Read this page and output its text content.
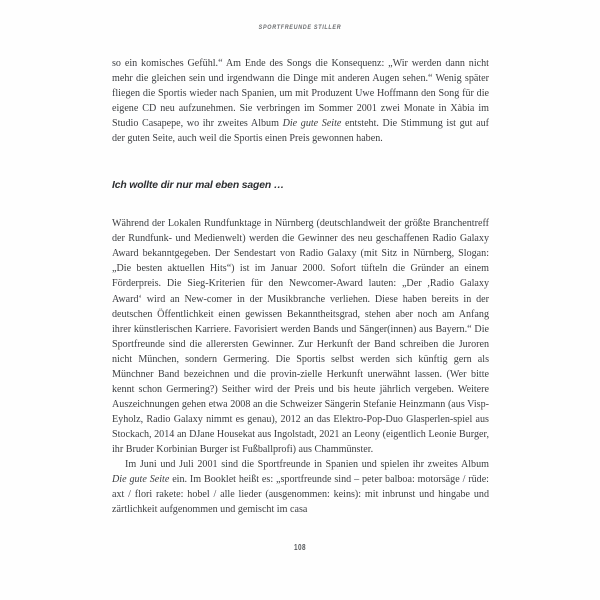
SPORTFREUNDE STILLER

so ein komisches Gefühl.“ Am Ende des Songs die Konsequenz: „Wir werden dann nicht mehr die gleichen sein und irgendwann die Dinge mit anderen Augen sehen.“ Wenig später fliegen die Sportis wieder nach Spanien, um mit Produzent Uwe Hoffmann den Song für die eigene CD neu aufzunehmen. Sie verbringen im Sommer 2001 zwei Monate in Xàbia im Studio Casapepe, wo ihr zweites Album Die gute Seite entsteht. Die Stimmung ist gut auf der guten Seite, auch weil die Sportis einen Preis gewonnen haben.

Ich wollte dir nur mal eben sagen …

Während der Lokalen Rundfunktage in Nürnberg (deutschlandweit der größte Branchentreff der Rundfunk- und Medienwelt) werden die Gewinner des neu geschaffenen Radio Galaxy Award bekanntgegeben. Der Sendestart von Radio Galaxy (mit Sitz in Nürnberg, Slogan: „Die besten aktuellen Hits“) ist im Januar 2000. Sofort tüfteln die Gründer an einem Förderpreis. Die Sieg-Kriterien für den Newcomer-Award lauten: „Der ,Radio Galaxy Award‘ wird an New-comer in der Musikbranche verliehen. Diese haben bereits in der deutschen Öffentlichkeit einen gewissen Bekanntheitsgrad, stehen aber noch am Anfang ihrer künstlerischen Karriere. Favorisiert werden Bands und Sänger(innen) aus Bayern.“ Die Sportfreunde sind die allerersten Gewinner. Zur Herkunft der Band schreiben die Juroren nicht München, sondern Germering. Die Sportis selbst werden sich künftig gern als Münchner Band bezeichnen und die provin-zielle Herkunft unerwähnt lassen. (Wer bitte kennt schon Germering?) Seither wird der Preis und bis heute jährlich vergeben. Weitere Auszeichnungen gehen etwa 2008 an die Schweizer Sängerin Stefanie Heinzmann (aus Visp-Eyholz, Radio Galaxy nimmt es genau), 2012 an das Elektro-Pop-Duo Glasperlen-spiel aus Stockach, 2014 an DJane Housekat aus Ingolstadt, 2021 an Leony (eigentlich Leonie Burger, ihr Bruder Korbinian Burger ist Fußballprofi) aus Chammünster.

Im Juni und Juli 2001 sind die Sportfreunde in Spanien und spielen ihr zweites Album Die gute Seite ein. Im Booklet heißt es: „sportfreunde sind – peter balboa: motorsäge / rüde: axt / flori rakete: hobel / alle lieder (ausgenommen: keins): mit inbrunst und hingabe und zärtlichkeit aufgenommen und gemischt im casa

108
